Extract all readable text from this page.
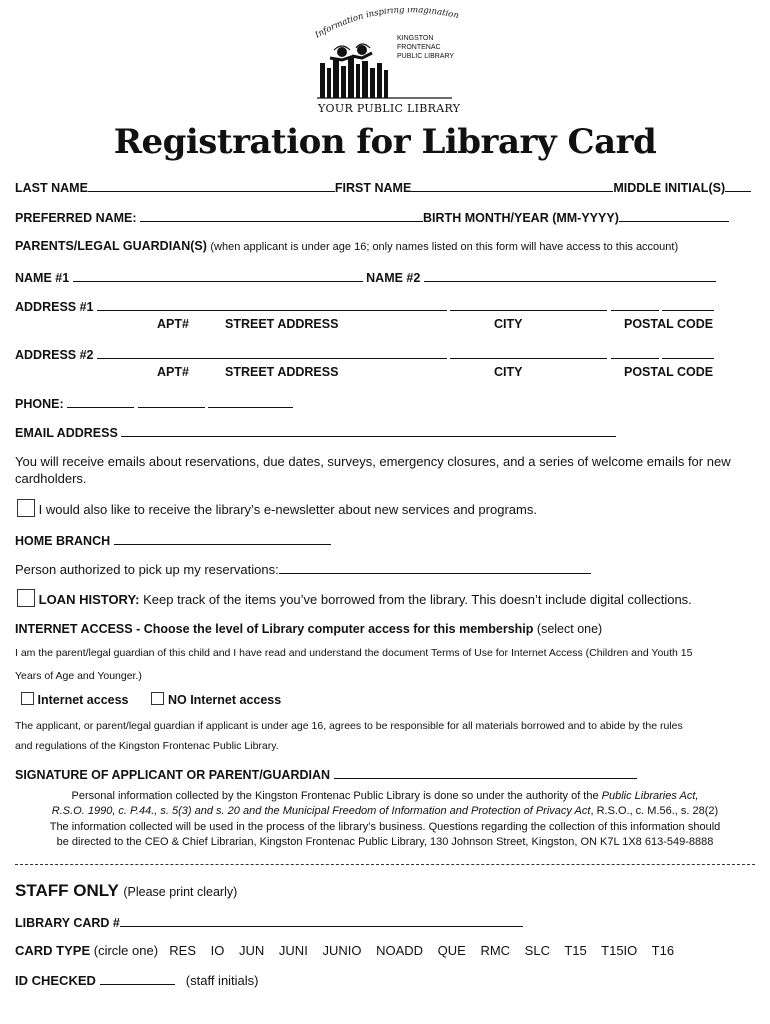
Information inspiring imagination
KINGSTON
FRONTENAC
PUBLIC LIBRARY
YOUR PUBLIC LIBRARY
Registration for Library Card
LAST NAME	FIRST NAME	MIDDLE INITIAL(S)
PREFERRED NAME:	BIRTH MONTH/YEAR (MM-YYYY)
PARENTS/LEGAL GUARDIAN(S) (when applicant is under age 16; only names listed on this form will have access to this account)
NAME #1	NAME #2
ADDRESS #1
APT#	STREET ADDRESS	CITY	POSTAL CODE
ADDRESS #2
APT#	STREET ADDRESS	CITY	POSTAL CODE
PHONE:
EMAIL ADDRESS
You will receive emails about reservations, due dates, surveys, emergency closures, and a series of welcome emails for new cardholders.
I would also like to receive the library’s e-newsletter about new services and programs.
HOME BRANCH
Person authorized to pick up my reservations:
LOAN HISTORY: Keep track of the items you’ve borrowed from the library. This doesn’t include digital collections.
INTERNET ACCESS - Choose the level of Library computer access for this membership (select one)
I am the parent/legal guardian of this child and I have read and understand the document Terms of Use for Internet Access (Children and Youth 15
Years of Age and Younger.)
Internet access	NO Internet access
The applicant, or parent/legal guardian if applicant is under age 16, agrees to be responsible for all materials borrowed and to abide by the rules
and regulations of the Kingston Frontenac Public Library.
SIGNATURE OF APPLICANT OR PARENT/GUARDIAN
Personal information collected by the Kingston Frontenac Public Library is done so under the authority of the Public Libraries Act,
R.S.O. 1990, c. P.44., s. 5(3) and s. 20 and the Municipal Freedom of Information and Protection of Privacy Act, R.S.O., c. M.56., s. 28(2)
The information collected will be used in the process of the library’s business. Questions regarding the collection of this information should
be directed to the CEO & Chief Librarian, Kingston Frontenac Public Library, 130 Johnson Street, Kingston, ON K7L 1X8 613-549-8888
STAFF ONLY (Please print clearly)
LIBRARY CARD #
CARD TYPE (circle one) RES IO JUN JUNI JUNIO NOADD QUE RMC SLC T15 T15IO T16
ID CHECKED	(staff initials)
